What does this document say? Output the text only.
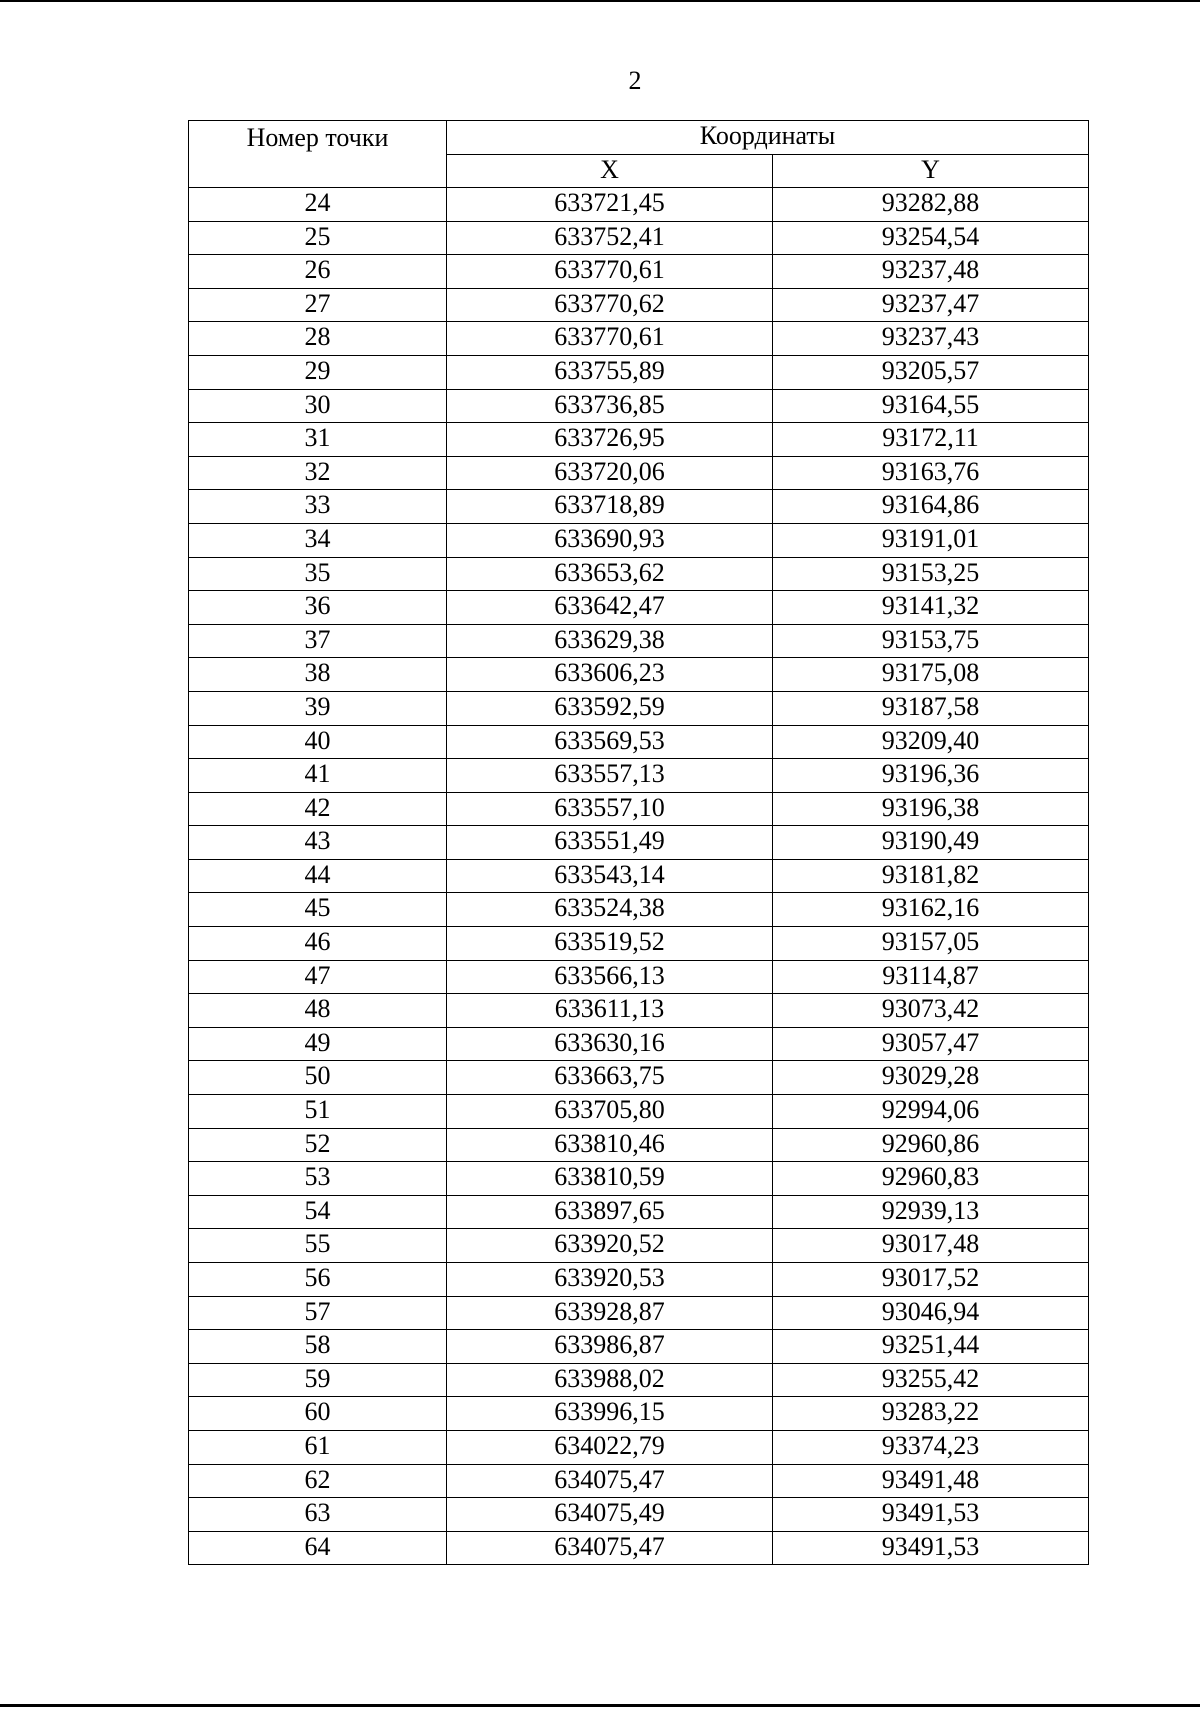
2
Номер точки	Координаты	
	X	Y
24	633721,45	93282,88
25	633752,41	93254,54
26	633770,61	93237,48
27	633770,62	93237,47
28	633770,61	93237,43
29	633755,89	93205,57
30	633736,85	93164,55
31	633726,95	93172,11
32	633720,06	93163,76
33	633718,89	93164,86
34	633690,93	93191,01
35	633653,62	93153,25
36	633642,47	93141,32
37	633629,38	93153,75
38	633606,23	93175,08
39	633592,59	93187,58
40	633569,53	93209,40
41	633557,13	93196,36
42	633557,10	93196,38
43	633551,49	93190,49
44	633543,14	93181,82
45	633524,38	93162,16
46	633519,52	93157,05
47	633566,13	93114,87
48	633611,13	93073,42
49	633630,16	93057,47
50	633663,75	93029,28
51	633705,80	92994,06
52	633810,46	92960,86
53	633810,59	92960,83
54	633897,65	92939,13
55	633920,52	93017,48
56	633920,53	93017,52
57	633928,87	93046,94
58	633986,87	93251,44
59	633988,02	93255,42
60	633996,15	93283,22
61	634022,79	93374,23
62	634075,47	93491,48
63	634075,49	93491,53
64	634075,47	93491,53
